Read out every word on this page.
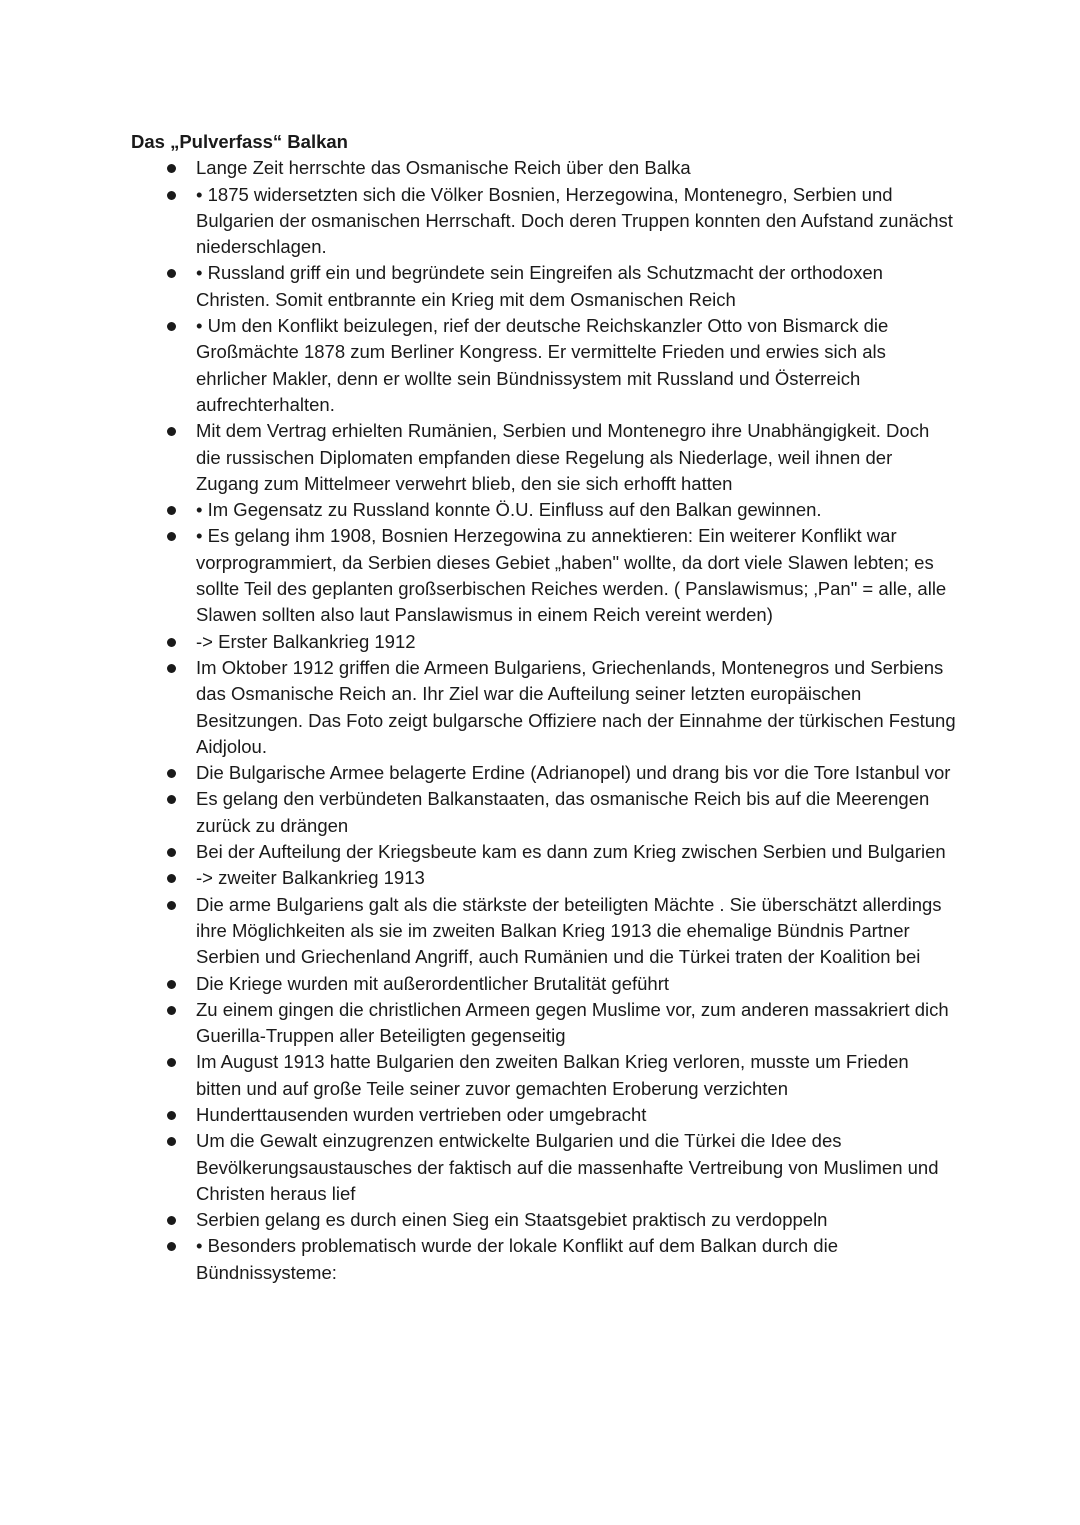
Das „Pulverfass“ Balkan
Lange Zeit herrschte das Osmanische Reich über den Balka
• 1875 widersetzten sich die Völker Bosnien, Herzegowina, Montenegro, Serbien und Bulgarien der osmanischen Herrschaft. Doch deren Truppen konnten den Aufstand zunächst niederschlagen.
• Russland griff ein und begründete sein Eingreifen als Schutzmacht der orthodoxen Christen. Somit entbrannte ein Krieg mit dem Osmanischen Reich
• Um den Konflikt beizulegen, rief der deutsche Reichskanzler Otto von Bismarck die Großmächte 1878 zum Berliner Kongress. Er vermittelte Frieden und erwies sich als ehrlicher Makler, denn er wollte sein Bündnissystem mit Russland und Österreich aufrechterhalten.
Mit dem Vertrag erhielten Rumänien, Serbien und Montenegro ihre Unabhängigkeit. Doch die russischen Diplomaten empfanden diese Regelung als Niederlage, weil ihnen der Zugang zum Mittelmeer verwehrt blieb, den sie sich erhofft hatten
• Im Gegensatz zu Russland konnte Ö.U. Einfluss auf den Balkan gewinnen.
• Es gelang ihm 1908, Bosnien Herzegowina zu annektieren: Ein weiterer Konflikt war vorprogrammiert, da Serbien dieses Gebiet „haben" wollte, da dort viele Slawen lebten; es sollte Teil des geplanten großserbischen Reiches werden. ( Panslawismus; ‚Pan" = alle, alle Slawen sollten also laut Panslawismus in einem Reich vereint werden)
-> Erster Balkankrieg 1912
Im Oktober 1912 griffen die Armeen Bulgariens, Griechenlands, Montenegros und Serbiens das Osmanische Reich an. Ihr Ziel war die Aufteilung seiner letzten europäischen Besitzungen. Das Foto zeigt bulgarsche Offiziere nach der Einnahme der türkischen Festung Aidjolou.
Die Bulgarische Armee belagerte Erdine (Adrianopel) und drang bis vor die Tore Istanbul vor
Es gelang den verbündeten Balkanstaaten, das osmanische Reich bis auf die Meerengen zurück zu drängen
Bei der Aufteilung der Kriegsbeute kam es dann zum Krieg zwischen Serbien und Bulgarien
-> zweiter Balkankrieg 1913
Die arme Bulgariens galt als die stärkste der beteiligten Mächte . Sie überschätzt allerdings ihre Möglichkeiten als sie im zweiten Balkan Krieg 1913 die ehemalige Bündnis Partner Serbien und Griechenland Angriff, auch Rumänien und die Türkei traten der Koalition bei
Die Kriege wurden mit außerordentlicher Brutalität geführt
Zu einem gingen die christlichen Armeen gegen Muslime vor, zum anderen massakriert dich Guerilla-Truppen aller Beteiligten gegenseitig
Im August 1913 hatte Bulgarien den zweiten Balkan Krieg verloren, musste um Frieden bitten und auf große Teile seiner zuvor gemachten Eroberung verzichten
Hunderttausenden wurden vertrieben oder umgebracht
Um die Gewalt einzugrenzen entwickelte Bulgarien und die Türkei die Idee des Bevölkerungsaustausches der faktisch auf die massenhafte Vertreibung von Muslimen und Christen heraus lief
Serbien gelang es durch einen Sieg ein Staatsgebiet praktisch zu verdoppeln
• Besonders problematisch wurde der lokale Konflikt auf dem Balkan durch die Bündnissysteme:
